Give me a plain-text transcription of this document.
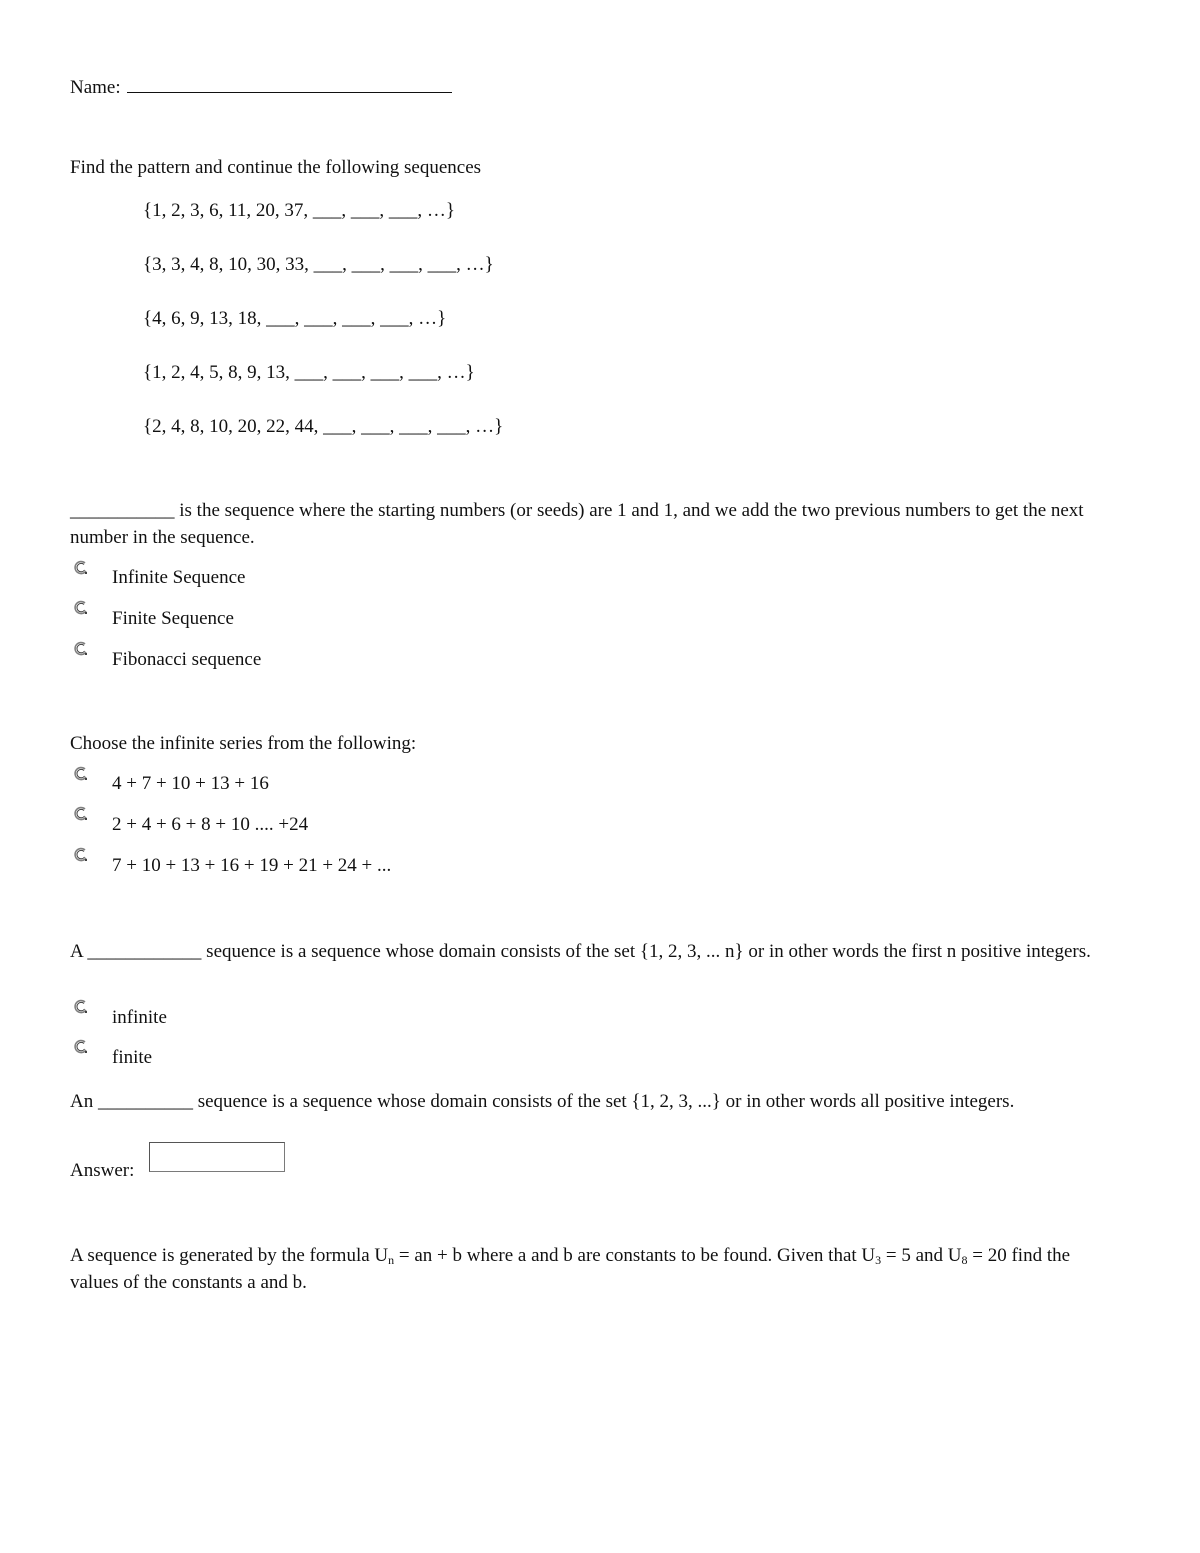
Name:
Find the pattern and continue the following sequences
{1, 2, 3, 6, 11, 20, 37, ___, ___, ___, …}
{3, 3, 4, 8, 10, 30, 33, ___, ___, ___, ___, …}
{4, 6, 9, 13, 18, ___, ___, ___, ___, …}
{1, 2, 4, 5, 8, 9, 13, ___, ___, ___, ___, …}
{2, 4, 8, 10, 20, 22, 44, ___, ___, ___, ___, …}
___________ is the sequence where the starting numbers (or seeds) are 1 and 1, and we add the two previous numbers to get the next number in the sequence.
Infinite Sequence
Finite Sequence
Fibonacci sequence
Choose the infinite series from the following:
4 + 7 + 10 + 13 + 16
2 + 4 + 6 + 8 + 10 .... +24
7 + 10 + 13 + 16 + 19 + 21 + 24 + ...
A ____________ sequence is a sequence whose domain consists of the set {1, 2, 3, ... n} or in other words the first n positive integers.
infinite
finite
An __________ sequence is a sequence whose domain consists of the set {1, 2, 3, ...} or in other words all positive integers.
Answer:
A sequence is generated by the formula $U_n$ = an + b where a and b are constants to be found. Given that $U_3 = 5$ and $U_8 = 20$ find the values of the constants a and b.
